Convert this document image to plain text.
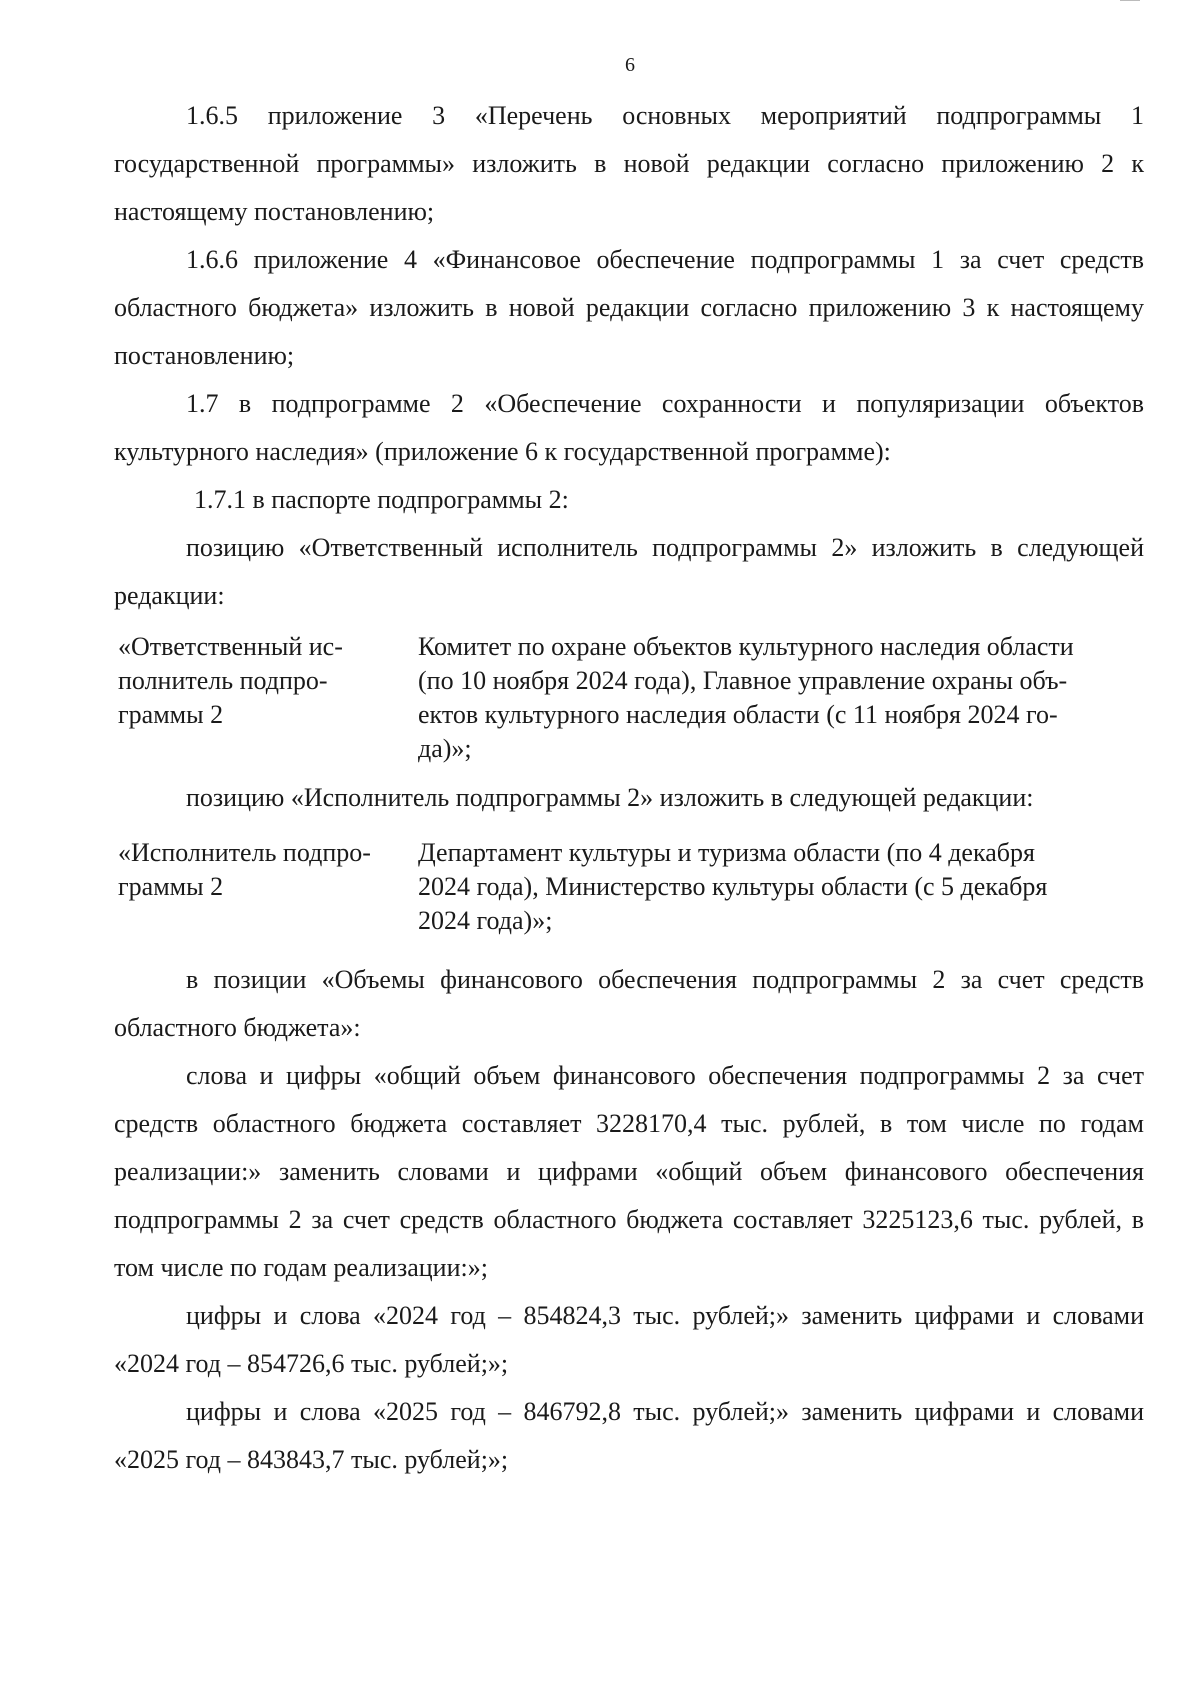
6

1.6.5 приложение 3 «Перечень основных мероприятий подпрограммы 1 государственной программы» изложить в новой редакции согласно приложению 2 к настоящему постановлению;

1.6.6 приложение 4 «Финансовое обеспечение подпрограммы 1 за счет средств областного бюджета» изложить в новой редакции согласно приложению 3 к настоящему постановлению;

1.7 в подпрограмме 2 «Обеспечение сохранности и популяризации объектов культурного наследия» (приложение 6 к государственной программе):

1.7.1 в паспорте подпрограммы 2:

позицию «Ответственный исполнитель подпрограммы 2» изложить в следующей редакции:

«Ответственный ис-
полнитель подпро-
граммы 2
Комитет по охране объектов культурного наследия области
(по 10 ноября 2024 года), Главное управление охраны объ-
ектов культурного наследия области (с 11 ноября 2024 го-
да)»;

позицию «Исполнитель подпрограммы 2» изложить в следующей редакции:

«Исполнитель подпро-
граммы 2
Департамент культуры и туризма области (по 4 декабря
2024 года), Министерство культуры области (с 5 декабря
2024 года)»;

в позиции «Объемы финансового обеспечения подпрограммы 2 за счет средств областного бюджета»:

слова и цифры «общий объем финансового обеспечения подпрограммы 2 за счет средств областного бюджета составляет 3228170,4 тыс. рублей, в том числе по годам реализации:» заменить словами и цифрами «общий объем финансового обеспечения подпрограммы 2 за счет средств областного бюджета составляет 3225123,6 тыс. рублей, в том числе по годам реализации:»;

цифры и слова «2024 год – 854824,3 тыс. рублей;» заменить цифрами и словами «2024 год – 854726,6 тыс. рублей;»;

цифры и слова «2025 год – 846792,8 тыс. рублей;» заменить цифрами и словами «2025 год – 843843,7 тыс. рублей;»;
